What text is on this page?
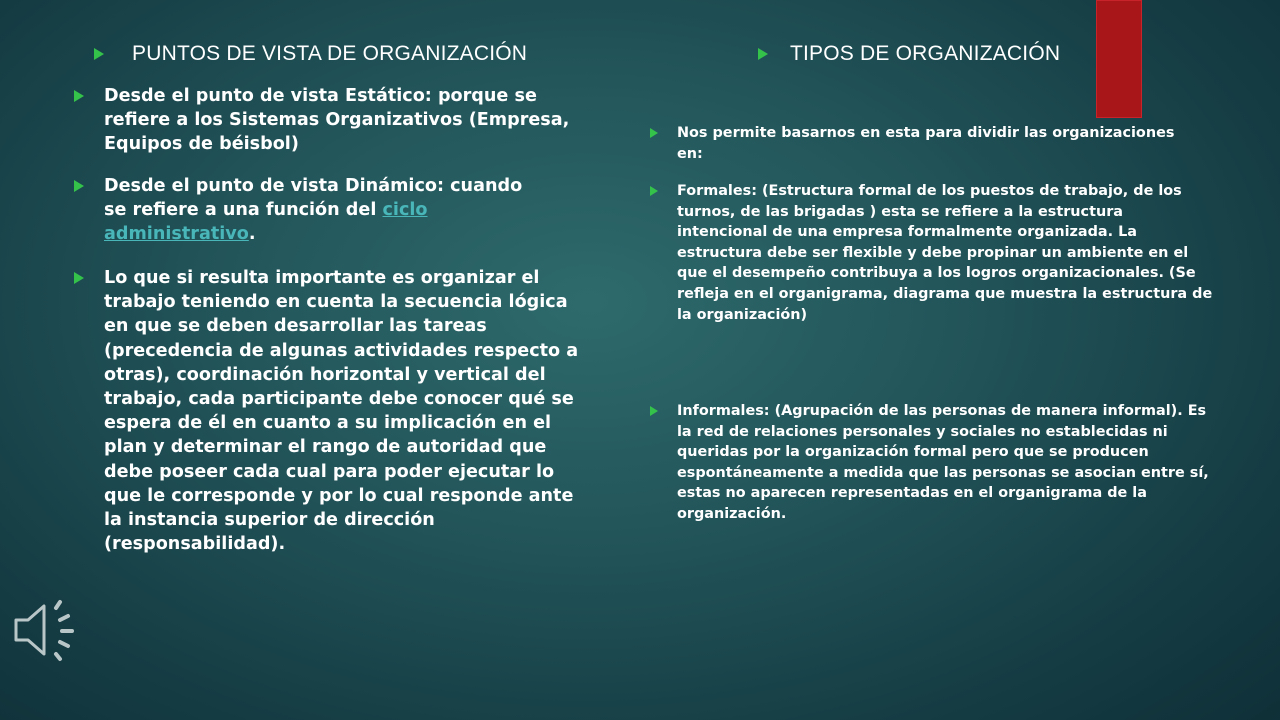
PUNTOS DE VISTA DE ORGANIZACIÓN

Desde el punto de vista Estático: porque se refiere a los Sistemas Organizativos (Empresa, Equipos de béisbol)

Desde el punto de vista Dinámico: cuando se refiere a una función del ciclo administrativo.

Lo que si resulta importante es organizar el trabajo teniendo en cuenta la secuencia lógica en que se deben desarrollar las tareas (precedencia de algunas actividades respecto a otras), coordinación horizontal y vertical del trabajo, cada participante debe conocer qué se espera de él en cuanto a su implicación en el plan y determinar el rango de autoridad que debe poseer cada cual para poder ejecutar lo que le corresponde y por lo cual responde ante la instancia superior de dirección (responsabilidad).

TIPOS DE ORGANIZACIÓN

Nos permite basarnos en esta para dividir las organizaciones en:

Formales: (Estructura formal de los puestos de trabajo, de los turnos, de las brigadas ) esta se refiere a la estructura intencional de una empresa formalmente organizada. La estructura debe ser flexible y debe propinar un ambiente en el que el desempeño contribuya a los logros organizacionales. (Se refleja en el organigrama, diagrama que muestra la estructura de la organización)

Informales: (Agrupación de las personas de manera informal). Es la red de relaciones personales y sociales no establecidas ni queridas por la organización formal pero que se producen espontáneamente a medida que las personas se asocian entre sí, estas no aparecen representadas en el organigrama de la organización.
